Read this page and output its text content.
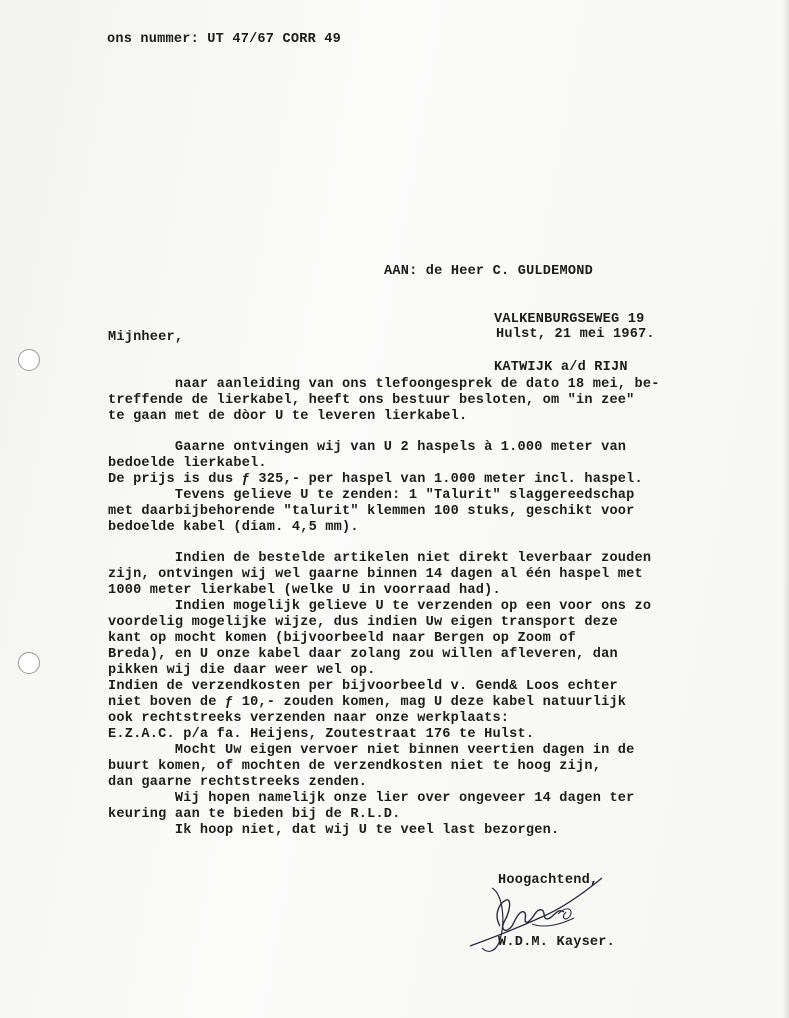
ons nummer: UT 47/67 CORR 49

AAN: de Heer C. GULDEMOND

VALKENBURGSEWEG 19

KATWIJK a/d RIJN

Mijnheer,	Hulst, 21 mei 1967.
naar aanleiding van ons tlefoongesprek de dato 18 mei, be-
treffende de lierkabel, heeft ons bestuur besloten, om "in zee"
te gaan met de dòor U te leveren lierkabel.
Gaarne ontvingen wij van U 2 haspels à 1.000 meter van
bedoelde lierkabel.
De prijs is dus ƒ 325,- per haspel van 1.000 meter incl. haspel.
Tevens gelieve U te zenden: 1 "Talurit" slaggereedschap
met daarbijbehorende "talurit" klemmen 100 stuks, geschikt voor
bedoelde kabel (diam. 4,5 mm).
Indien de bestelde artikelen niet direkt leverbaar zouden
zijn, ontvingen wij wel gaarne binnen 14 dagen al één haspel met
1000 meter lierkabel (welke U in voorraad had).
Indien mogelijk gelieve U te verzenden op een voor ons zo
voordelig mogelijke wijze, dus indien Uw eigen transport deze
kant op mocht komen (bijvoorbeeld naar Bergen op Zoom of
Breda), en U onze kabel daar zolang zou willen afleveren, dan
pikken wij die daar weer wel op.
Indien de verzendkosten per bijvoorbeeld v. Gend& Loos echter
niet boven de ƒ 10,- zouden komen, mag U deze kabel natuurlijk
ook rechtstreeks verzenden naar onze werkplaats:
E.Z.A.C. p/a fa. Heijens, Zoutestraat 176 te Hulst.
Mocht Uw eigen vervoer niet binnen veertien dagen in de
buurt komen, of mochten de verzendkosten niet te hoog zijn,
dan gaarne rechtstreeks zenden.
Wij hopen namelijk onze lier over ongeveer 14 dagen ter
keuring aan te bieden bij de R.L.D.
Ik hoop niet, dat wij U te veel last bezorgen.
Hoogachtend,
W.D.M. Kayser.
